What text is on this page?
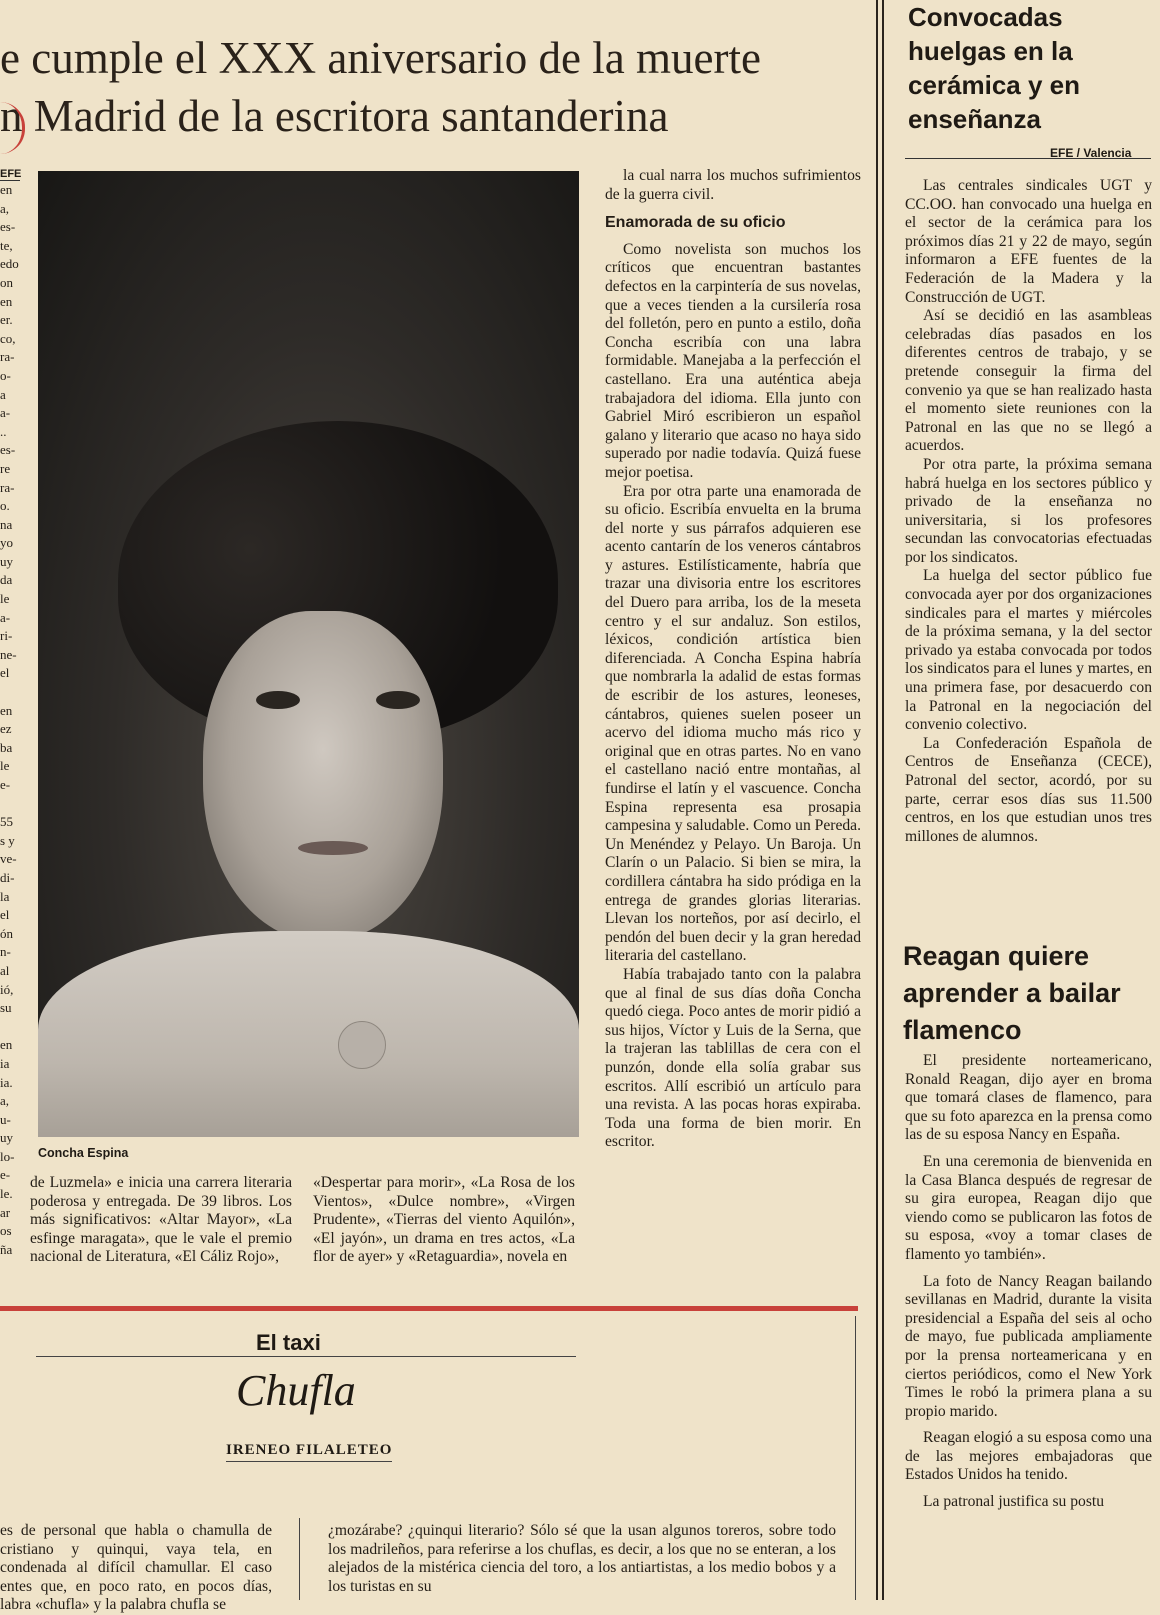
e cumple el XXX aniversario de la muerte
n Madrid de la escritora santanderina
EFE
en
a,
es-
te,
edo
on
en
er.
co,
ra-
o-
a
a-
..
es-
re
ra-
o.
na
yo
uy
da
le
a-
ri-
ne-
el
en
ez
ba
le
e-
55
s y
ve-
di-
la
el
ón
n-
al
ió,
su
en
ia
ia.
a,
u-
uy
lo-
e-
le.
ar
os
ña
Concha Espina
de Luzmela» e inicia una carrera literaria poderosa y entregada. De 39 libros. Los más significativos: «Altar Mayor», «La esfinge maragata», que le vale el premio nacional de Literatura, «El Cáliz Rojo»,
«Despertar para morir», «La Rosa de los Vientos», «Dulce nombre», «Virgen Prudente», «Tierras del viento Aquilón», «El jayón», un drama en tres actos, «La flor de ayer» y «Retaguardia», novela en

la cual narra los muchos sufrimientos de la guerra civil.

Enamorada de su oficio

Como novelista son muchos los críticos que encuentran bastantes defectos en la carpintería de sus novelas, que a veces tienden a la cursilería rosa del folletón, pero en punto a estilo, doña Concha escribía con una labra formidable. Manejaba a la perfección el castellano. Era una auténtica abeja trabajadora del idioma. Ella junto con Gabriel Miró escribieron un español galano y literario que acaso no haya sido superado por nadie todavía. Quizá fuese mejor poetisa.

Era por otra parte una enamorada de su oficio. Escribía envuelta en la bruma del norte y sus párrafos adquieren ese acento cantarín de los veneros cántabros y astures. Estilísticamente, habría que trazar una divisoria entre los escritores del Duero para arriba, los de la meseta centro y el sur andaluz. Son estilos, léxicos, condición artística bien diferenciada. A Concha Espina habría que nombrarla la adalid de estas formas de escribir de los astures, leoneses, cántabros, quienes suelen poseer un acervo del idioma mucho más rico y original que en otras partes. No en vano el castellano nació entre montañas, al fundirse el latín y el vascuence. Concha Espina representa esa prosapia campesina y saludable. Como un Pereda. Un Menéndez y Pelayo. Un Baroja. Un Clarín o un Palacio. Si bien se mira, la cordillera cántabra ha sido pródiga en la entrega de grandes glorias literarias. Llevan los norteños, por así decirlo, el pendón del buen decir y la gran heredad literaria del castellano.

Había trabajado tanto con la palabra que al final de sus días doña Concha quedó ciega. Poco antes de morir pidió a sus hijos, Víctor y Luis de la Serna, que la trajeran las tablillas de cera con el punzón, donde ella solía grabar sus escritos. Allí escribió un artículo para una revista. A las pocas horas expiraba. Toda una forma de bien morir. En escritor.

El taxi
Chufla
IRENEO FILALETEO
es de personal que habla o chamulla de cristiano y quinqui, vaya tela, en condenada al difícil chamullar. El caso entes que, en poco rato, en pocos días, labra «chufla» y la palabra chufla se
¿mozárabe? ¿quinqui literario? Sólo sé que la usan algunos toreros, sobre todo los madrileños, para referirse a los chuflas, es decir, a los que no se enteran, a los alejados de la mistérica ciencia del toro, a los antiartistas, a los medio bobos y a los turistas en su
Convocadas huelgas en la cerámica y en enseñanza
EFE / Valencia

Las centrales sindicales UGT y CC.OO. han convocado una huelga en el sector de la cerámica para los próximos días 21 y 22 de mayo, según informaron a EFE fuentes de la Federación de la Madera y la Construcción de UGT.

Así se decidió en las asambleas celebradas días pasados en los diferentes centros de trabajo, y se pretende conseguir la firma del convenio ya que se han realizado hasta el momento siete reuniones con la Patronal en las que no se llegó a acuerdos.

Por otra parte, la próxima semana habrá huelga en los sectores público y privado de la enseñanza no universitaria, si los profesores secundan las convocatorias efectuadas por los sindicatos.

La huelga del sector público fue convocada ayer por dos organizaciones sindicales para el martes y miércoles de la próxima semana, y la del sector privado ya estaba convocada por todos los sindicatos para el lunes y martes, en una primera fase, por desacuerdo con la Patronal en la negociación del convenio colectivo.

La Confederación Española de Centros de Enseñanza (CECE), Patronal del sector, acordó, por su parte, cerrar esos días sus 11.500 centros, en los que estudian unos tres millones de alumnos.

Reagan quiere aprender a bailar flamenco

El presidente norteamericano, Ronald Reagan, dijo ayer en broma que tomará clases de flamenco, para que su foto aparezca en la prensa como las de su esposa Nancy en España.

En una ceremonia de bienvenida en la Casa Blanca después de regresar de su gira europea, Reagan dijo que viendo como se publicaron las fotos de su esposa, «voy a tomar clases de flamento yo también».

La foto de Nancy Reagan bailando sevillanas en Madrid, durante la visita presidencial a España del seis al ocho de mayo, fue publicada ampliamente por la prensa norteamericana y en ciertos periódicos, como el New York Times le robó la primera plana a su propio marido.

Reagan elogió a su esposa como una de las mejores embajadoras que Estados Unidos ha tenido.

La patronal justifica su postu
